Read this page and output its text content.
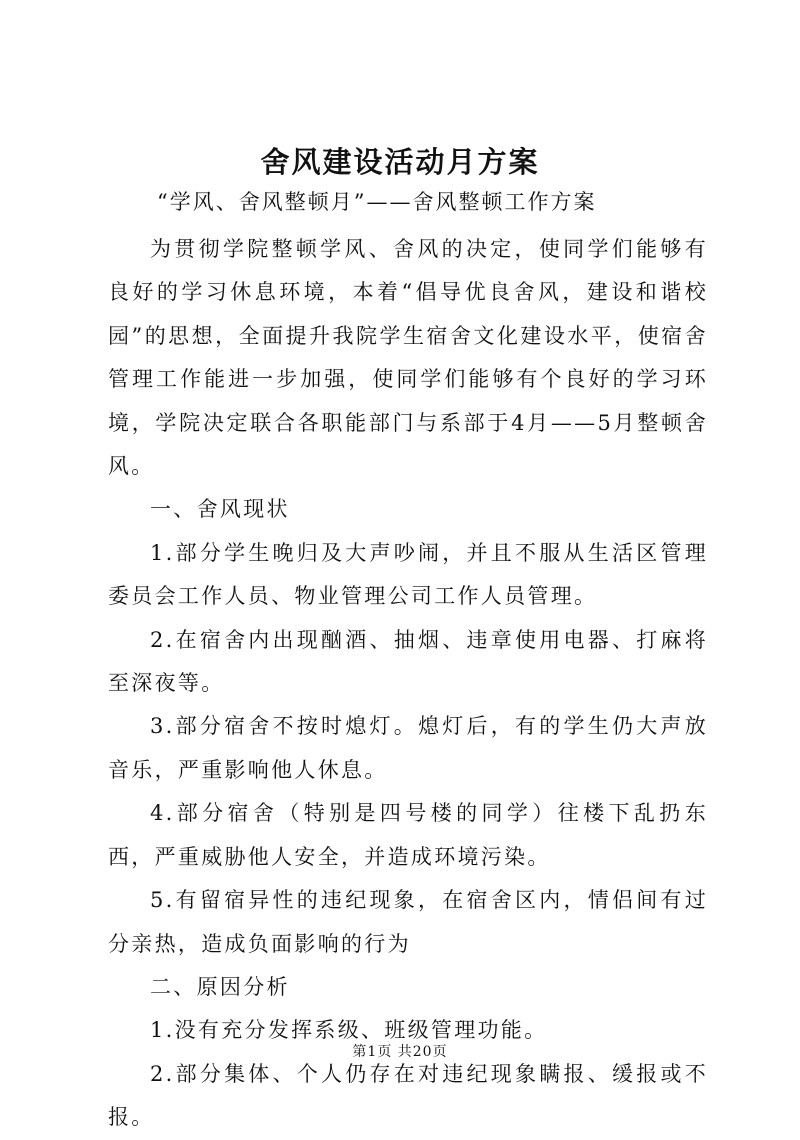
舍风建设活动月方案
“学风、舍风整顿月”——舍风整顿工作方案

为贯彻学院整顿学风、舍风的决定，使同学们能够有良好的学习休息环境，本着“倡导优良舍风，建设和谐校园”的思想，全面提升我院学生宿舍文化建设水平，使宿舍管理工作能进一步加强，使同学们能够有个良好的学习环境，学院决定联合各职能部门与系部于4月——5月整顿舍风。

一、舍风现状

1.部分学生晚归及大声吵闹，并且不服从生活区管理委员会工作人员、物业管理公司工作人员管理。

2.在宿舍内出现酗酒、抽烟、违章使用电器、打麻将至深夜等。

3.部分宿舍不按时熄灯。熄灯后，有的学生仍大声放音乐，严重影响他人休息。

4.部分宿舍（特别是四号楼的同学）往楼下乱扔东西，严重威胁他人安全，并造成环境污染。

5.有留宿异性的违纪现象，在宿舍区内，情侣间有过分亲热，造成负面影响的行为

二、原因分析

1.没有充分发挥系级、班级管理功能。

2.部分集体、个人仍存在对违纪现象瞒报、缓报或不报。

第1页 共20页
